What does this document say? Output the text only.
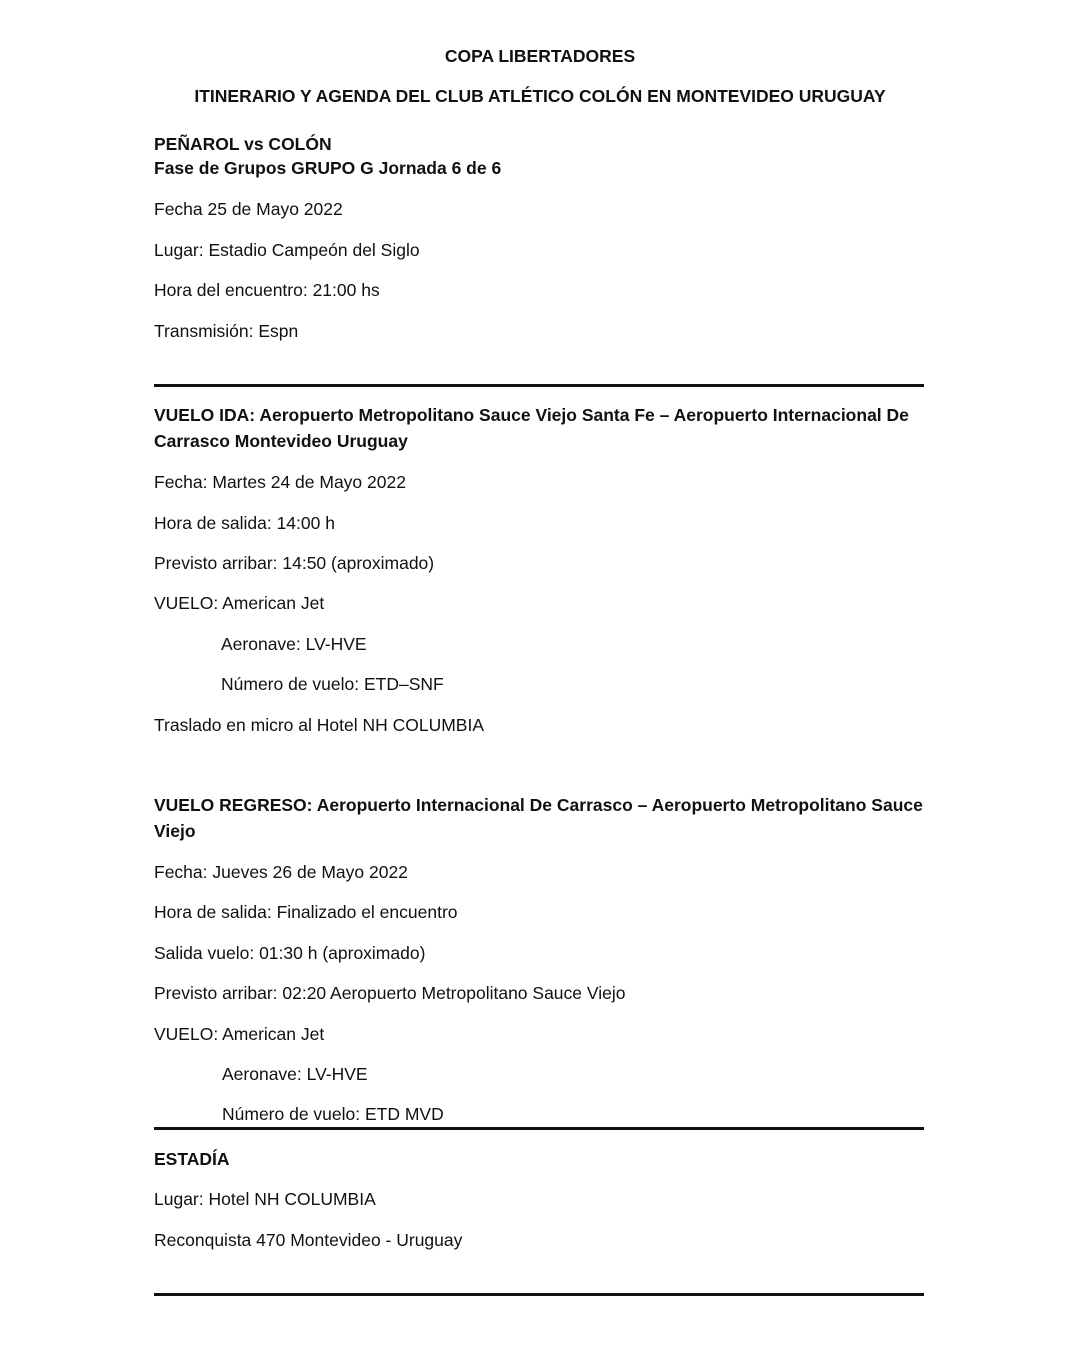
COPA LIBERTADORES
ITINERARIO Y AGENDA DEL CLUB ATLÉTICO COLÓN EN MONTEVIDEO URUGUAY
PEÑAROL vs COLÓN
Fase de Grupos GRUPO G Jornada 6 de 6
Fecha 25 de Mayo 2022
Lugar: Estadio Campeón del Siglo
Hora del encuentro: 21:00 hs
Transmisión: Espn
VUELO IDA: Aeropuerto Metropolitano Sauce Viejo Santa Fe – Aeropuerto Internacional De Carrasco Montevideo Uruguay
Fecha: Martes 24 de Mayo 2022
Hora de salida: 14:00 h
Previsto arribar: 14:50 (aproximado)
VUELO: American Jet
Aeronave: LV-HVE
Número de vuelo: ETD–SNF
Traslado en micro al Hotel NH COLUMBIA
VUELO REGRESO: Aeropuerto Internacional De Carrasco – Aeropuerto Metropolitano Sauce Viejo
Fecha: Jueves 26 de Mayo 2022
Hora de salida: Finalizado el encuentro
Salida vuelo: 01:30 h (aproximado)
Previsto arribar: 02:20 Aeropuerto Metropolitano Sauce Viejo
VUELO: American Jet
Aeronave: LV-HVE
Número de vuelo: ETD MVD
ESTADÍA
Lugar: Hotel NH COLUMBIA
Reconquista 470 Montevideo - Uruguay
